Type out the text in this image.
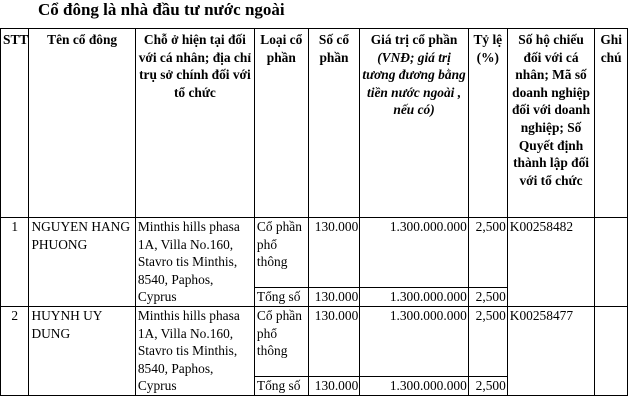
Cổ đông là nhà đầu tư nước ngoài
STT	Tên cổ đông	Chỗ ở hiện tại đối với cá nhân; địa chỉ trụ sở chính đối với tổ chức	Loại cổ phần	Số cổ phần	Giá trị cổ phần (VNĐ; giá trị tương đương bằng tiền nước ngoài , nếu có)	Tỷ lệ (%)	Số hộ chiếu đối với cá nhân; Mã số doanh nghiệp đối với doanh nghiệp; Số Quyết định thành lập đối với tổ chức	Ghi chú
1	NGUYEN HANG PHUONG	Minthis hills phasa 1A, Villa No.160, Stavro tis Minthis, 8540, Paphos, Cyprus	Cổ phần phổ thông	130.000	1.300.000.000	2,500	K00258482	
			Tổng số	130.000	1.300.000.000	2,500		
2	HUYNH UY DUNG	Minthis hills phasa 1A, Villa No.160, Stavro tis Minthis, 8540, Paphos, Cyprus	Cổ phần phổ thông	130.000	1.300.000.000	2,500	K00258477	
			Tổng số	130.000	1.300.000.000	2,500		
